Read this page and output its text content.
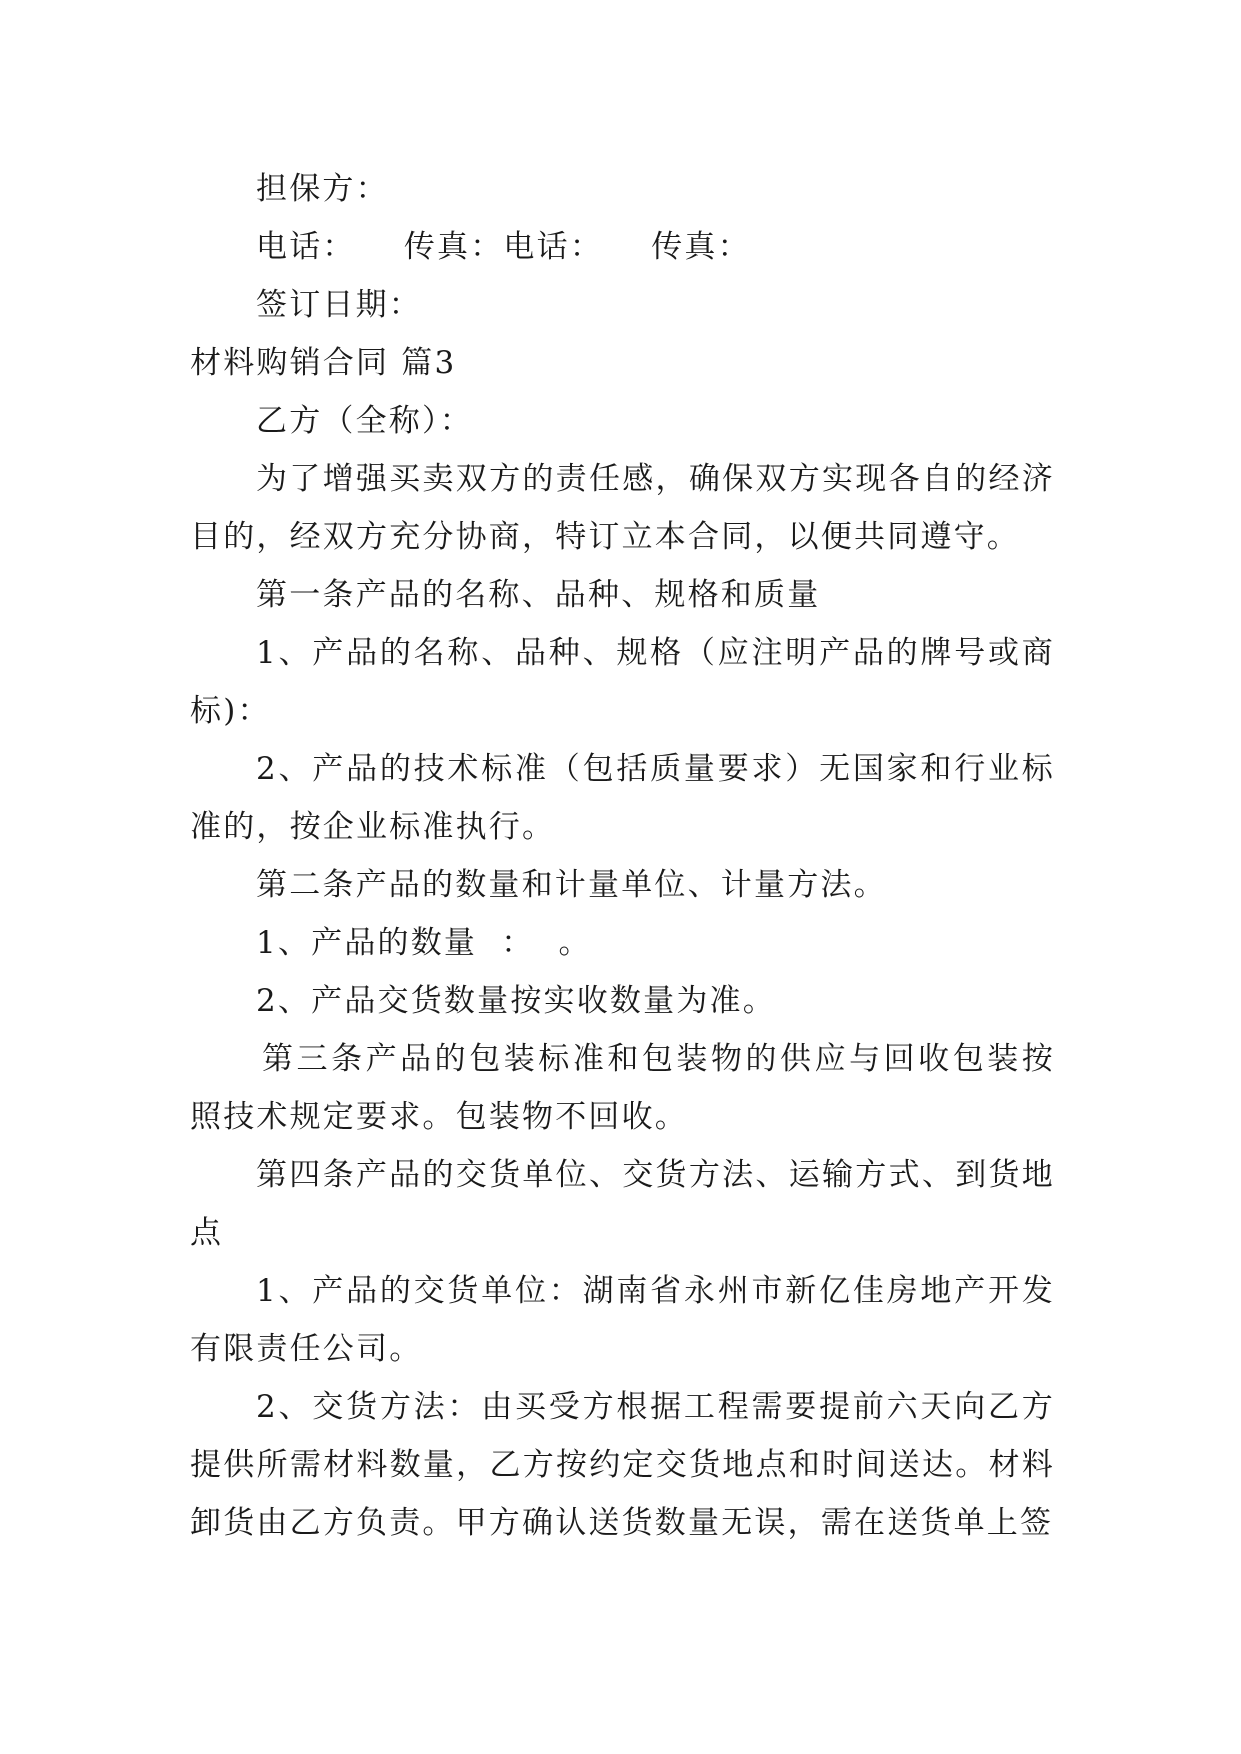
担保方：

电话：    传真：电话：    传真：

签订日期：

材料购销合同 篇3

乙方（全称）：

为了增强买卖双方的责任感，确保双方实现各自的经济目的，经双方充分协商，特订立本合同，以便共同遵守。

第一条产品的名称、品种、规格和质量

1、产品的名称、品种、规格（应注明产品的牌号或商标)：

2、产品的技术标准（包括质量要求）无国家和行业标准的，按企业标准执行。

第二条产品的数量和计量单位、计量方法。

1、产品的数量  ：  。

2、产品交货数量按实收数量为准。

第三条产品的包装标准和包装物的供应与回收包装按照技术规定要求。包装物不回收。

第四条产品的交货单位、交货方法、运输方式、到货地点

1、产品的交货单位：湖南省永州市新亿佳房地产开发有限责任公司。

2、交货方法：由买受方根据工程需要提前六天向乙方提供所需材料数量，乙方按约定交货地点和时间送达。材料卸货由乙方负责。甲方确认送货数量无误，需在送货单上签
